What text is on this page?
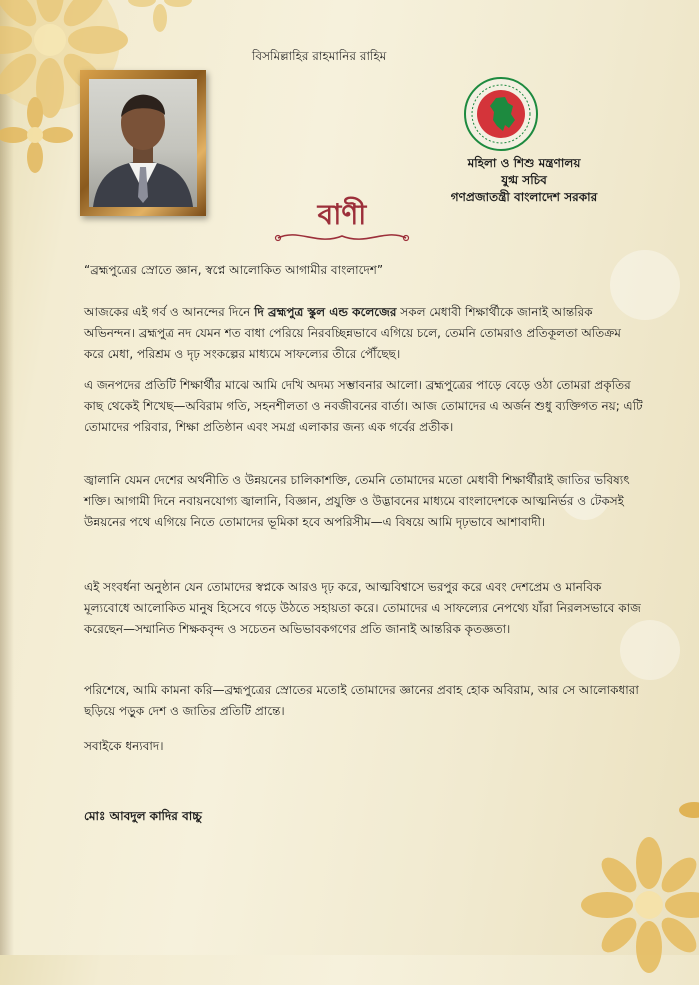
বিসমিল্লাহির রাহমানির রাহিম
মহিলা ও শিশু মন্ত্রণালয়
যুগ্ম সচিব
গণপ্রজাতন্ত্রী বাংলাদেশ সরকার
বাণী
“ব্রহ্মপুত্রের স্রোতে জ্ঞান, স্বপ্নে আলোকিত আগামীর বাংলাদেশ”

আজকের এই গর্ব ও আনন্দের দিনে দি ব্রহ্মপুত্র স্কুল এন্ড কলেজের সকল মেধাবী শিক্ষার্থীকে জানাই আন্তরিক অভিনন্দন। ব্রহ্মপুত্র নদ যেমন শত বাধা পেরিয়ে নিরবচ্ছিন্নভাবে এগিয়ে চলে, তেমনি তোমরাও প্রতিকূলতা অতিক্রম করে মেধা, পরিশ্রম ও দৃঢ় সংকল্পের মাধ্যমে সাফল্যের তীরে পৌঁছেছ।

এ জনপদের প্রতিটি শিক্ষার্থীর মাঝে আমি দেখি অদম্য সম্ভাবনার আলো। ব্রহ্মপুত্রের পাড়ে বেড়ে ওঠা তোমরা প্রকৃতির কাছ থেকেই শিখেছ—অবিরাম গতি, সহনশীলতা ও নবজীবনের বার্তা। আজ তোমাদের এ অর্জন শুধু ব্যক্তিগত নয়; এটি তোমাদের পরিবার, শিক্ষা প্রতিষ্ঠান এবং সমগ্র এলাকার জন্য এক গর্বের প্রতীক।

জ্বালানি যেমন দেশের অর্থনীতি ও উন্নয়নের চালিকাশক্তি, তেমনি তোমাদের মতো মেধাবী শিক্ষার্থীরাই জাতির ভবিষ্যৎ শক্তি। আগামী দিনে নবায়নযোগ্য জ্বালানি, বিজ্ঞান, প্রযুক্তি ও উদ্ভাবনের মাধ্যমে বাংলাদেশকে আত্মনির্ভর ও টেকসই উন্নয়নের পথে এগিয়ে নিতে তোমাদের ভূমিকা হবে অপরিসীম—এ বিষয়ে আমি দৃঢ়ভাবে আশাবাদী।

এই সংবর্ধনা অনুষ্ঠান যেন তোমাদের স্বপ্নকে আরও দৃঢ় করে, আত্মবিশ্বাসে ভরপুর করে এবং দেশপ্রেম ও মানবিক মূল্যবোধে আলোকিত মানুষ হিসেবে গড়ে উঠতে সহায়তা করে। তোমাদের এ সাফল্যের নেপথ্যে যাঁরা নিরলসভাবে কাজ করেছেন—সম্মানিত শিক্ষকবৃন্দ ও সচেতন অভিভাবকগণের প্রতি জানাই আন্তরিক কৃতজ্ঞতা।

পরিশেষে, আমি কামনা করি—ব্রহ্মপুত্রের স্রোতের মতোই তোমাদের জ্ঞানের প্রবাহ হোক অবিরাম, আর সে আলোকধারা ছড়িয়ে পড়ুক দেশ ও জাতির প্রতিটি প্রান্তে।

সবাইকে ধন্যবাদ।
মোঃ আবদুল কাদির বাচ্চু
